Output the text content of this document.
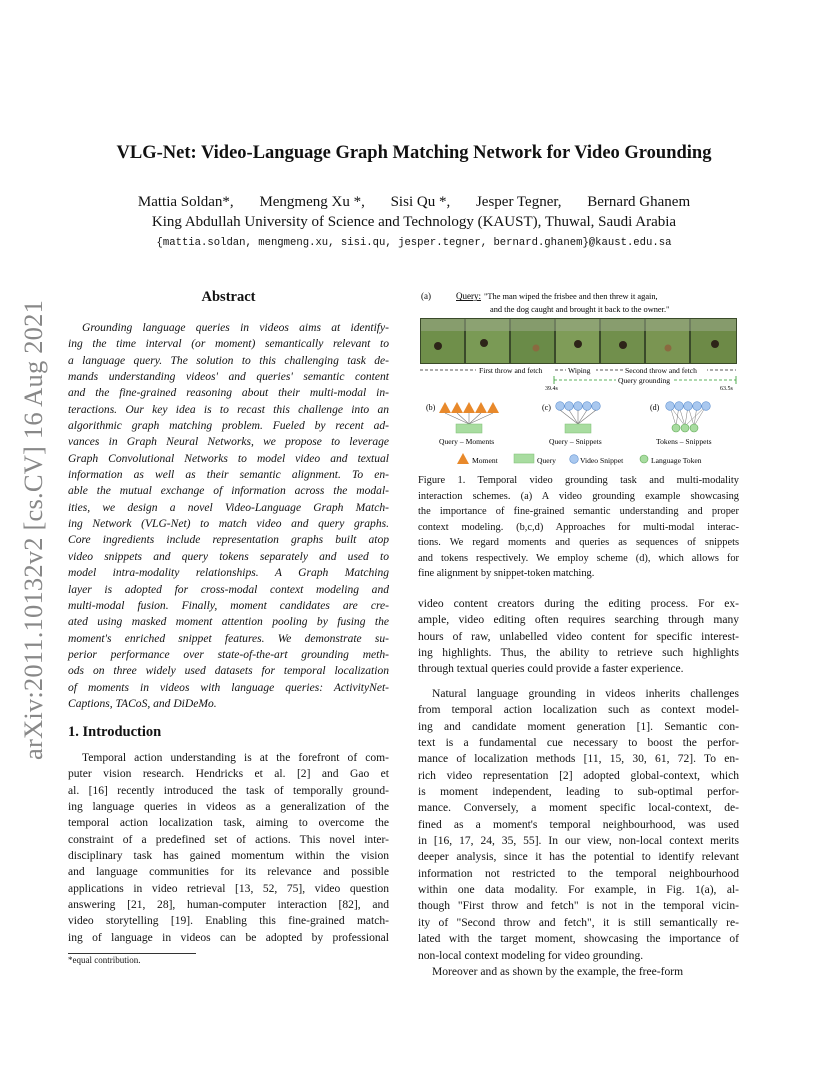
VLG-Net: Video-Language Graph Matching Network for Video Grounding
Mattia Soldan*, Mengmeng Xu *, Sisi Qu *, Jesper Tegner, Bernard Ghanem
King Abdullah University of Science and Technology (KAUST), Thuwal, Saudi Arabia
{mattia.soldan, mengmeng.xu, sisi.qu, jesper.tegner, bernard.ghanem}@kaust.edu.sa
arXiv:2011.10132v2 [cs.CV] 16 Aug 2021
Abstract
Grounding language queries in videos aims at identify-
ing the time interval (or moment) semantically relevant to
a language query. The solution to this challenging task de-
mands understanding videos' and queries' semantic content
and the fine-grained reasoning about their multi-modal in-
teractions. Our key idea is to recast this challenge into an
algorithmic graph matching problem. Fueled by recent ad-
vances in Graph Neural Networks, we propose to leverage
Graph Convolutional Networks to model video and textual
information as well as their semantic alignment. To en-
able the mutual exchange of information across the modal-
ities, we design a novel Video-Language Graph Match-
ing Network (VLG-Net) to match video and query graphs.
Core ingredients include representation graphs built atop
video snippets and query tokens separately and used to
model intra-modality relationships. A Graph Matching
layer is adopted for cross-modal context modeling and
multi-modal fusion. Finally, moment candidates are cre-
ated using masked moment attention pooling by fusing the
moment's enriched snippet features. We demonstrate su-
perior performance over state-of-the-art grounding meth-
ods on three widely used datasets for temporal localization
of moments in videos with language queries: ActivityNet-
Captions, TACoS, and DiDeMo.
1. Introduction
Temporal action understanding is at the forefront of com-
puter vision research. Hendricks et al. [2] and Gao et
al. [16] recently introduced the task of temporally ground-
ing language queries in videos as a generalization of the
temporal action localization task, aiming to overcome the
constraint of a predefined set of actions. This novel inter-
disciplinary task has gained momentum within the vision
and language communities for its relevance and possible
applications in video retrieval [13, 52, 75], video question
answering [21, 28], human-computer interaction [82], and
video storytelling [19]. Enabling this fine-grained match-
ing of language in videos can be adopted by professional
*equal contribution.
(a)	Query: "The man wiped the frisbee and then threw it again,
and the dog caught and brought it back to the owner."
First throw and fetch	Wiping	Second throw and fetch
Query grounding
39.4s	63.5s
(b)
Query – Moments
(c)
Query – Snippets
(d)
Tokens – Snippets
Moment	Query	Video Snippet	Language Token
Figure 1. Temporal video grounding task and multi-modality
interaction schemes. (a) A video grounding example showcasing
the importance of fine-grained semantic understanding and proper
context modeling. (b,c,d) Approaches for multi-modal interac-
tions. We regard moments and queries as sequences of snippets
and tokens respectively. We employ scheme (d), which allows for
fine alignment by snippet-token matching.
video content creators during the editing process. For ex-
ample, video editing often requires searching through many
hours of raw, unlabelled video content for specific interest-
ing highlights. Thus, the ability to retrieve such highlights
through textual queries could provide a faster experience.
Natural language grounding in videos inherits challenges
from temporal action localization such as context model-
ing and candidate moment generation [1]. Semantic con-
text is a fundamental cue necessary to boost the perfor-
mance of localization methods [11, 15, 30, 61, 72]. To en-
rich video representation [2] adopted global-context, which
is moment independent, leading to sub-optimal perfor-
mance. Conversely, a moment specific local-context, de-
fined as a moment's temporal neighbourhood, was used
in [16, 17, 24, 35, 55]. In our view, non-local context merits
deeper analysis, since it has the potential to identify relevant
information not restricted to the temporal neighbourhood
within one data modality. For example, in Fig. 1(a), al-
though "First throw and fetch" is not in the temporal vicin-
ity of "Second throw and fetch", it is still semantically re-
lated with the target moment, showcasing the importance of
non-local context modeling for video grounding.
Moreover and as shown by the example, the free-form
